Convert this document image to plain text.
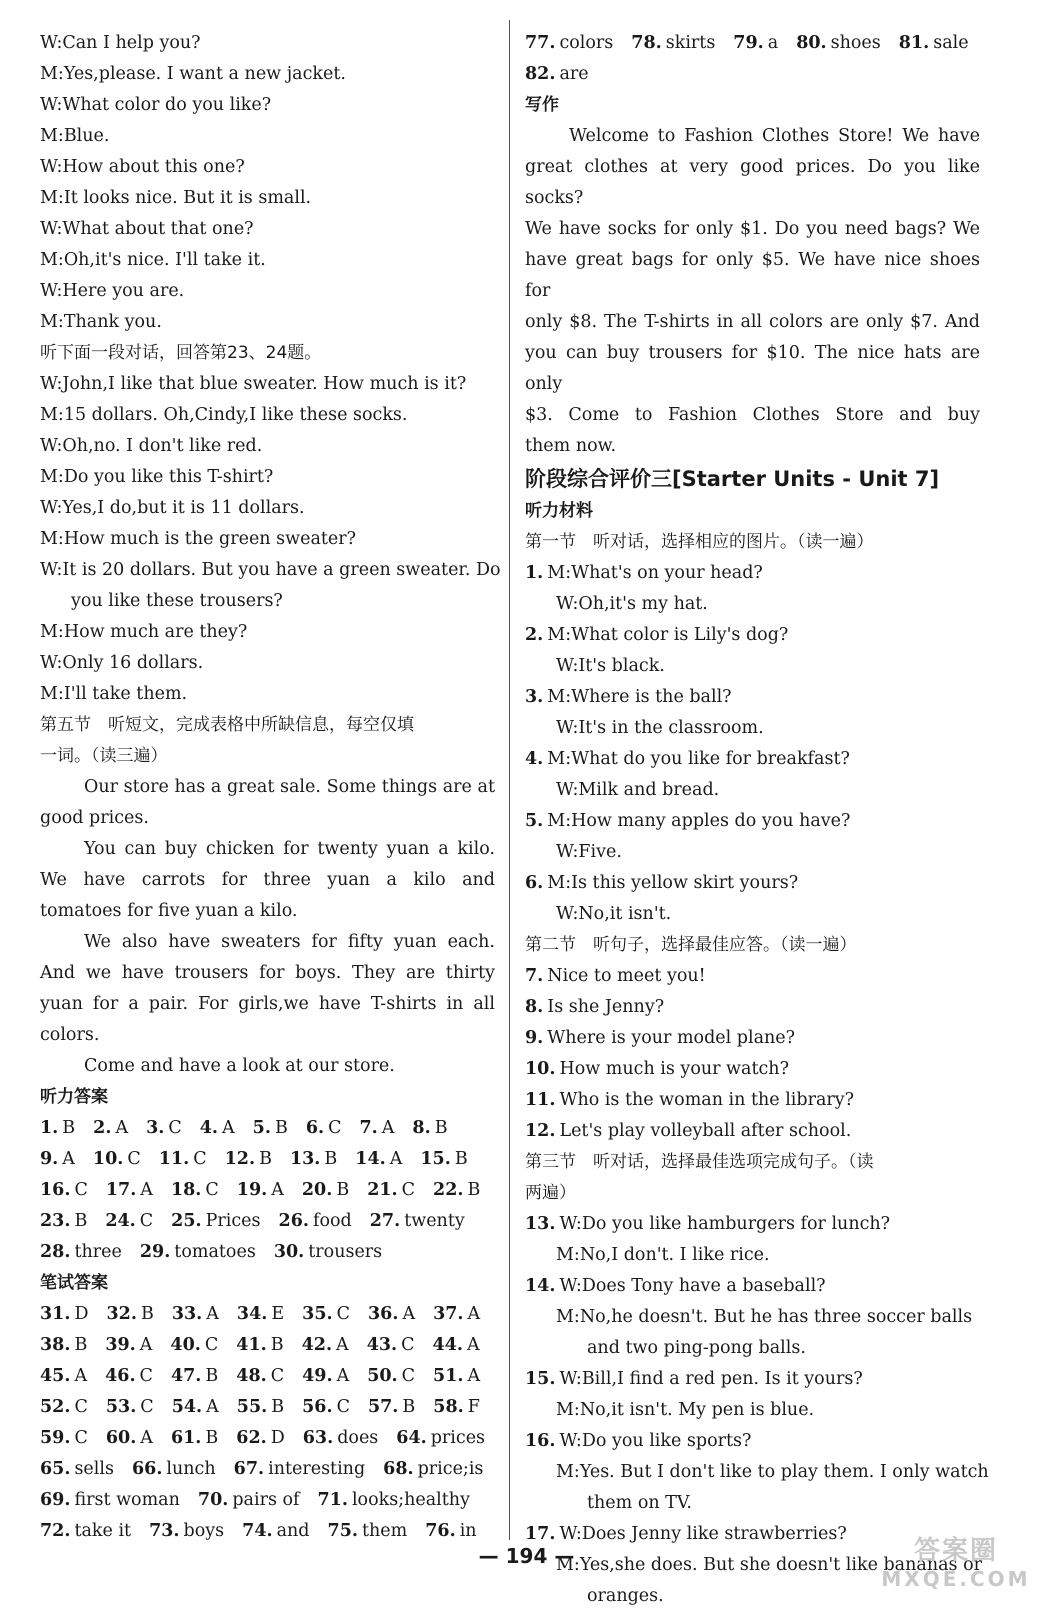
W:Can I help you?
M:Yes,please. I want a new jacket.
W:What color do you like?
M:Blue.
W:How about this one?
M:It looks nice. But it is small.
W:What about that one?
M:Oh,it's nice. I'll take it.
W:Here you are.
M:Thank you.
听下面一段对话，回答第23、24题。
W:John,I like that blue sweater. How much is it?
M:15 dollars. Oh,Cindy,I like these socks.
W:Oh,no. I don't like red.
M:Do you like this T-shirt?
W:Yes,I do,but it is 11 dollars.
M:How much is the green sweater?
W:It is 20 dollars. But you have a green sweater. Do
you like these trousers?
M:How much are they?
W:Only 16 dollars.
M:I'll take them.
第五节　听短文，完成表格中所缺信息，每空仅填
一词。（读三遍）
Our store has a great sale. Some things are at good prices.
You can buy chicken for twenty yuan a kilo. We have carrots for three yuan a kilo and tomatoes for five yuan a kilo.
We also have sweaters for fifty yuan each. And we have trousers for boys. They are thirty yuan for a pair. For girls,we have T-shirts in all colors.
Come and have a look at our store.
听力答案
1. B 2. A 3. C 4. A 5. B 6. C 7. A 8. B
9. A 10. C 11. C 12. B 13. B 14. A 15. B
16. C 17. A 18. C 19. A 20. B 21. C 22. B
23. B 24. C 25. Prices 26. food 27. twenty
28. three 29. tomatoes 30. trousers
笔试答案
31. D 32. B 33. A 34. E 35. C 36. A 37. A
38. B 39. A 40. C 41. B 42. A 43. C 44. A
45. A 46. C 47. B 48. C 49. A 50. C 51. A
52. C 53. C 54. A 55. B 56. C 57. B 58. F
59. C 60. A 61. B 62. D 63. does 64. prices
65. sells 66. lunch 67. interesting 68. price;is
69. first woman 70. pairs of 71. looks;healthy
72. take it 73. boys 74. and 75. them 76. in
77. colors 78. skirts 79. a 80. shoes 81. sale
82. are
写作
Welcome to Fashion Clothes Store! We have
great clothes at very good prices. Do you like socks?
We have socks for only $1. Do you need bags? We
have great bags for only $5. We have nice shoes for
only $8. The T-shirts in all colors are only $7. And
you can buy trousers for $10. The nice hats are only
$3. Come to Fashion Clothes Store and buy
them now.
阶段综合评价三[Starter Units - Unit 7]
听力材料
第一节　听对话，选择相应的图片。（读一遍）
1. M:What's on your head?
W:Oh,it's my hat.
2. M:What color is Lily's dog?
W:It's black.
3. M:Where is the ball?
W:It's in the classroom.
4. M:What do you like for breakfast?
W:Milk and bread.
5. M:How many apples do you have?
W:Five.
6. M:Is this yellow skirt yours?
W:No,it isn't.
第二节　听句子，选择最佳应答。（读一遍）
7. Nice to meet you!
8. Is she Jenny?
9. Where is your model plane?
10. How much is your watch?
11. Who is the woman in the library?
12. Let's play volleyball after school.
第三节　听对话，选择最佳选项完成句子。（读
两遍）
13. W:Do you like hamburgers for lunch?
M:No,I don't. I like rice.
14. W:Does Tony have a baseball?
M:No,he doesn't. But he has three soccer balls
and two ping-pong balls.
15. W:Bill,I find a red pen. Is it yours?
M:No,it isn't. My pen is blue.
16. W:Do you like sports?
M:Yes. But I don't like to play them. I only watch
them on TV.
17. W:Does Jenny like strawberries?
M:Yes,she does. But she doesn't like bananas or
oranges.
— 194 —	答案圈
MXQE.COM
